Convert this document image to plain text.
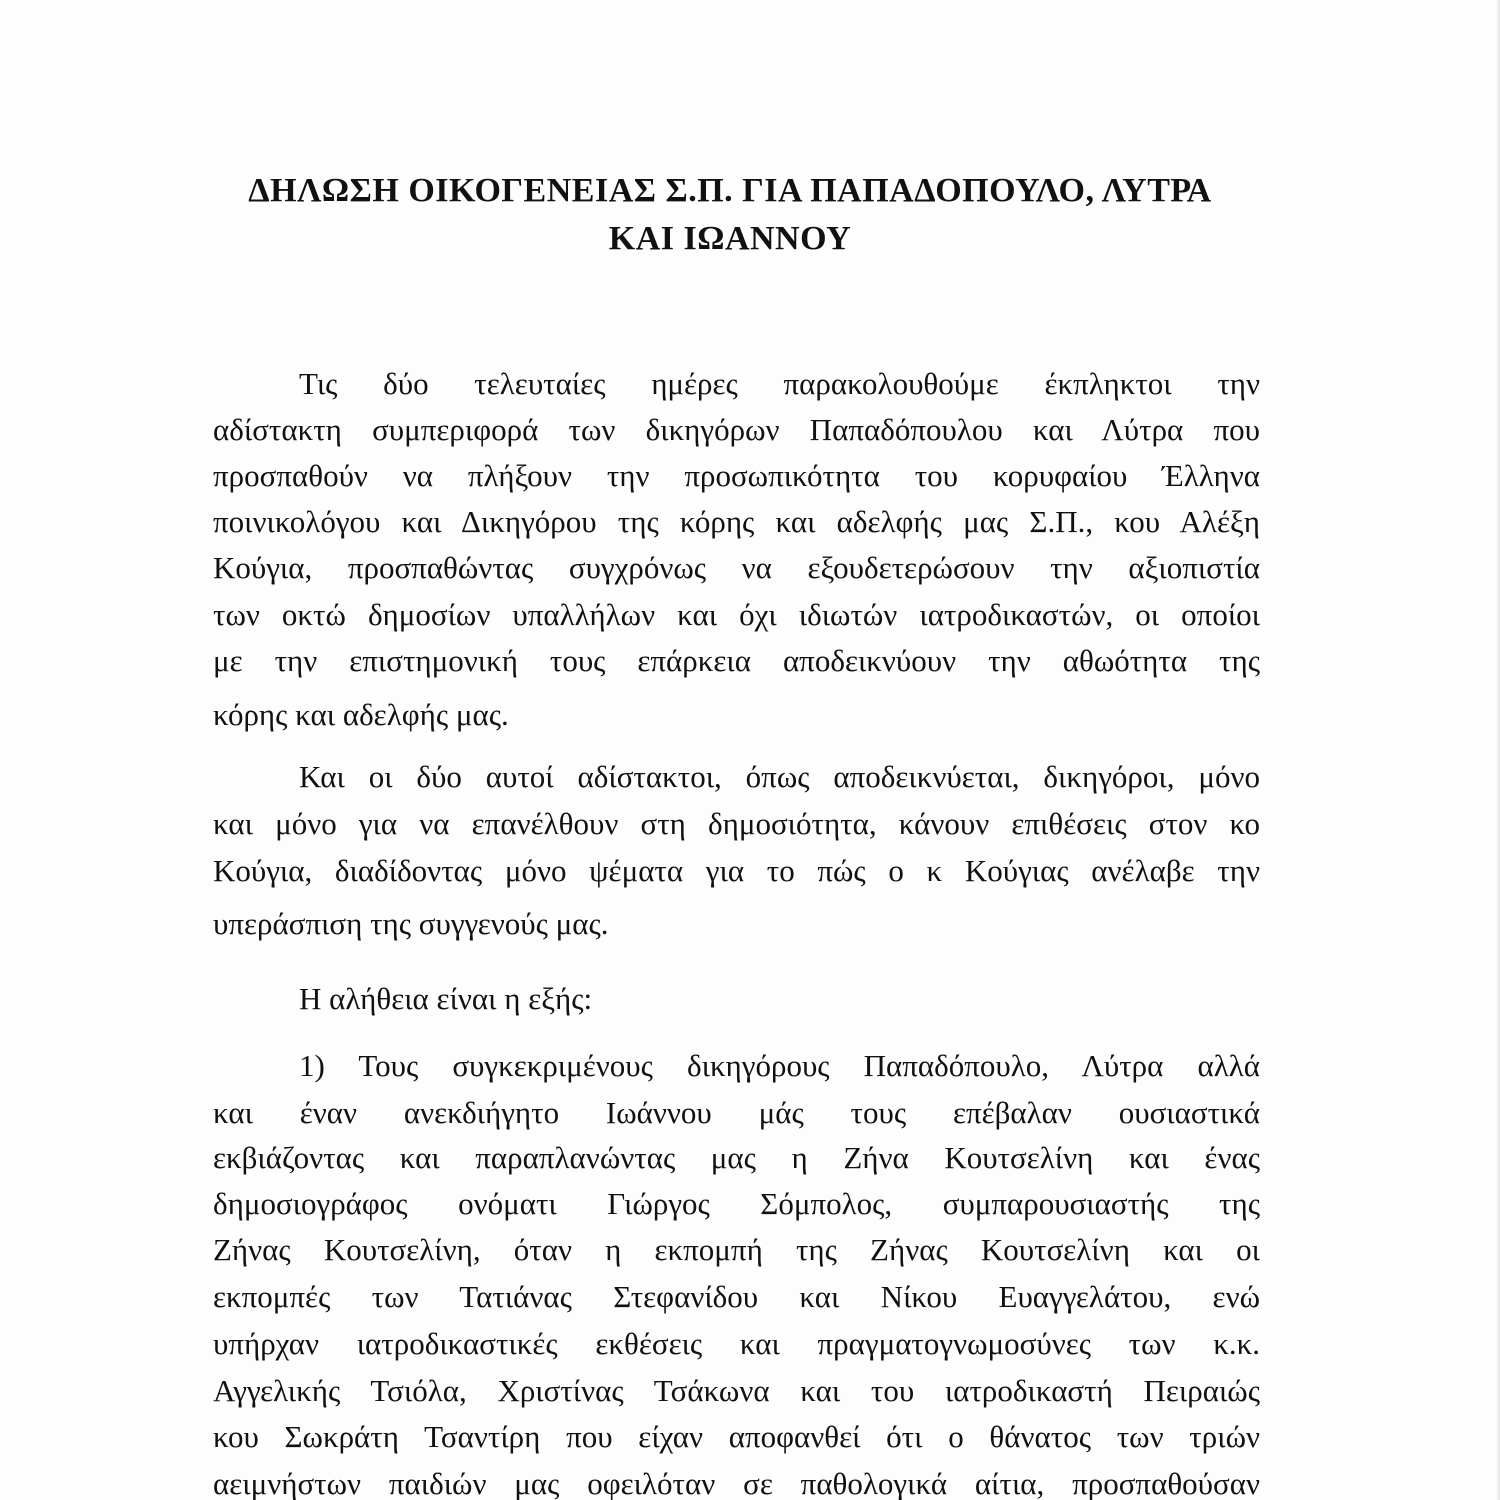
ΔΗΛΩΣΗ ΟΙΚΟΓΕΝΕΙΑΣ Σ.Π. ΓΙΑ ΠΑΠΑΔΟΠΟΥΛΟ, ΛΥΤΡΑ
ΚΑΙ ΙΩΑΝΝΟΥ
Τις δύο τελευταίες ημέρες παρακολουθούμε έκπληκτοι την
αδίστακτη συμπεριφορά των δικηγόρων Παπαδόπουλου και Λύτρα που
προσπαθούν να πλήξουν την προσωπικότητα του κορυφαίου Έλληνα
ποινικολόγου και Δικηγόρου της κόρης και αδελφής μας Σ.Π., κου Αλέξη
Κούγια, προσπαθώντας συγχρόνως να εξουδετερώσουν την αξιοπιστία
των οκτώ δημοσίων υπαλλήλων και όχι ιδιωτών ιατροδικαστών, οι οποίοι
με την επιστημονική τους επάρκεια αποδεικνύουν την αθωότητα της
κόρης και αδελφής μας.
Και οι δύο αυτοί αδίστακτοι, όπως αποδεικνύεται, δικηγόροι, μόνο
και μόνο για να επανέλθουν στη δημοσιότητα, κάνουν επιθέσεις στον κο
Κούγια, διαδίδοντας μόνο ψέματα για το πώς ο κ Κούγιας ανέλαβε την
υπεράσπιση της συγγενούς μας.
Η αλήθεια είναι η εξής:
1) Τους συγκεκριμένους δικηγόρους Παπαδόπουλο, Λύτρα αλλά
και έναν ανεκδιήγητο Ιωάννου μάς τους επέβαλαν ουσιαστικά
εκβιάζοντας και παραπλανώντας μας η Ζήνα Κουτσελίνη και ένας
δημοσιογράφος ονόματι Γιώργος Σόμπολος, συμπαρουσιαστής της
Ζήνας Κουτσελίνη, όταν η εκπομπή της Ζήνας Κουτσελίνη και οι
εκπομπές των Τατιάνας Στεφανίδου και Νίκου Ευαγγελάτου, ενώ
υπήρχαν ιατροδικαστικές εκθέσεις και πραγματογνωμοσύνες των κ.κ.
Αγγελικής Τσιόλα, Χριστίνας Τσάκωνα και του ιατροδικαστή Πειραιώς
κου Σωκράτη Τσαντίρη που είχαν αποφανθεί ότι ο θάνατος των τριών
αειμνήστων παιδιών μας οφειλόταν σε παθολογικά αίτια, προσπαθούσαν
